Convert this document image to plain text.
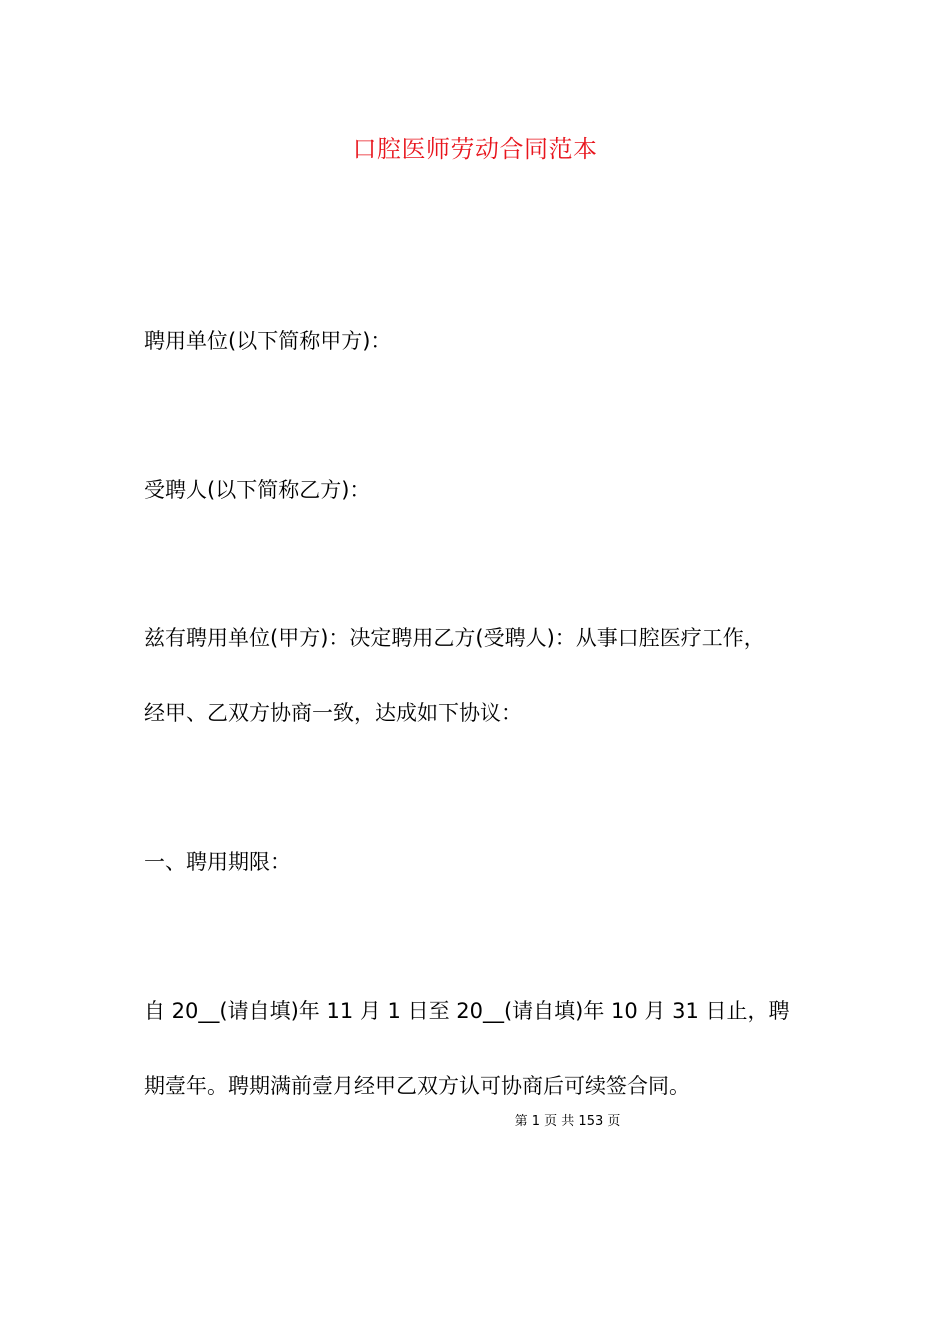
口腔医师劳动合同范本
聘用单位(以下简称甲方)：
受聘人(以下简称乙方)：
兹有聘用单位(甲方)：决定聘用乙方(受聘人)：从事口腔医疗工作，
经甲、乙双方协商一致，达成如下协议：
一、聘用期限：
自 20__(请自填)年 11 月 1 日至 20__(请自填)年 10 月 31 日止，聘
期壹年。聘期满前壹月经甲乙双方认可协商后可续签合同。
第 1 页 共 153 页
